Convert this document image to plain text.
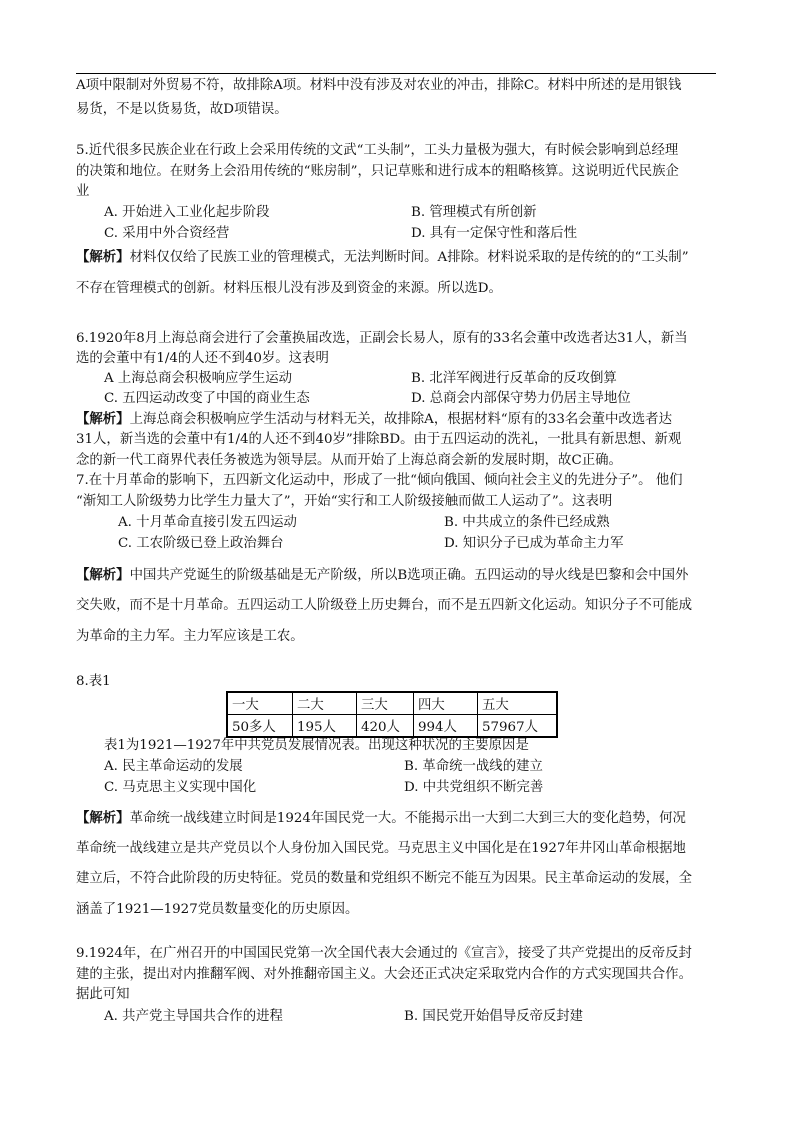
A项中限制对外贸易不符，故排除A项。材料中没有涉及对农业的冲击，排除C。材料中所述的是用银钱
易货，不是以货易货，故D项错误。
5.近代很多民族企业在行政上会采用传统的文武“工头制”，工头力量极为强大，有时候会影响到总经理
的决策和地位。在财务上会沿用传统的“账房制”，只记草账和进行成本的粗略核算。这说明近代民族企
业
A. 开始进入工业化起步阶段	B. 管理模式有所创新
C. 采用中外合资经营	D. 具有一定保守性和落后性
【解析】材料仅仅给了民族工业的管理模式，无法判断时间。A排除。材料说采取的是传统的的“工头制”
不存在管理模式的创新。材料压根儿没有涉及到资金的来源。所以选D。
6.1920年8月上海总商会进行了会董换届改选，正副会长易人，原有的33名会董中改选者达31人，新当
选的会董中有1/4的人还不到40岁。这表明
A 上海总商会积极响应学生运动	B. 北洋军阀进行反革命的反攻倒算
C. 五四运动改变了中国的商业生态	D. 总商会内部保守势力仍居主导地位
【解析】上海总商会积极响应学生活动与材料无关，故排除A，根据材料“原有的33名会董中改选者达
31人，新当选的会董中有1/4的人还不到40岁”排除BD。由于五四运动的洗礼，一批具有新思想、新观
念的新一代工商界代表任务被选为领导层。从而开始了上海总商会新的发展时期，故C正确。
7.在十月革命的影响下，五四新文化运动中，形成了一批“倾向俄国、倾向社会主义的先进分子”。 他们
“渐知工人阶级势力比学生力量大了”，开始“实行和工人阶级接触而做工人运动了”。这表明
A. 十月革命直接引发五四运动	B. 中共成立的条件已经成熟
C. 工农阶级已登上政治舞台	D. 知识分子已成为革命主力军
【解析】中国共产党诞生的阶级基础是无产阶级，所以B选项正确。五四运动的导火线是巴黎和会中国外
交失败，而不是十月革命。五四运动工人阶级登上历史舞台，而不是五四新文化运动。知识分子不可能成
为革命的主力军。主力军应该是工农。
8.表1
一大	二大	三大	四大	五大
50多人	195人	420人	994人	57967人
表1为1921—1927年中共党员发展情况表。出现这种状况的主要原因是
A. 民主革命运动的发展	B. 革命统一战线的建立
C. 马克思主义实现中国化	D. 中共党组织不断完善
【解析】革命统一战线建立时间是1924年国民党一大。不能揭示出一大到二大到三大的变化趋势，何况
革命统一战线建立是共产党员以个人身份加入国民党。马克思主义中国化是在1927年井冈山革命根据地
建立后，不符合此阶段的历史特征。党员的数量和党组织不断完不能互为因果。民主革命运动的发展，全
涵盖了1921—1927党员数量变化的历史原因。
9.1924年，在广州召开的中国国民党第一次全国代表大会通过的《宣言》，接受了共产党提出的反帝反封
建的主张，提出对内推翻军阀、对外推翻帝国主义。大会还正式决定采取党内合作的方式实现国共合作。
据此可知
A. 共产党主导国共合作的进程	B. 国民党开始倡导反帝反封建
